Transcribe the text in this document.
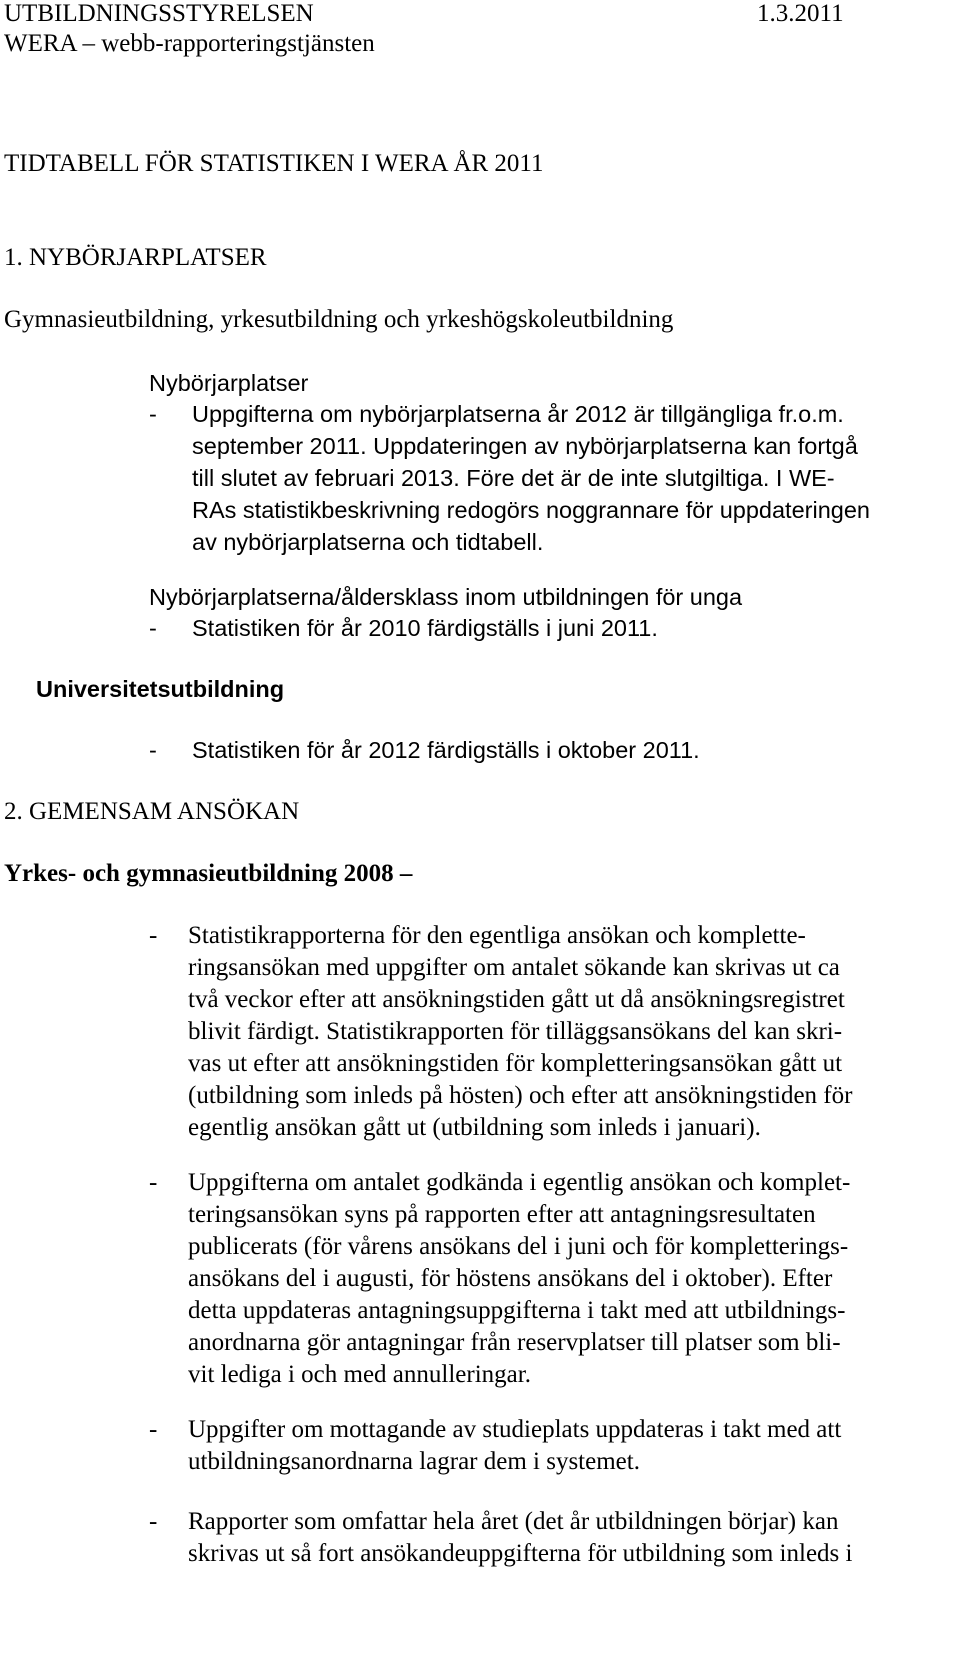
UTBILDNINGSSTYRELSEN	1.3.2011
WERA – webb-rapporteringstjänsten
TIDTABELL FÖR STATISTIKEN I WERA ÅR 2011
1. NYBÖRJARPLATSER
Gymnasieutbildning, yrkesutbildning och yrkeshögskoleutbildning
Nybörjarplatser
- Uppgifterna om nybörjarplatserna år 2012 är tillgängliga fr.o.m.
september 2011. Uppdateringen av nybörjarplatserna kan fortgå
till slutet av februari 2013. Före det är de inte slutgiltiga. I WE-
RAs statistikbeskrivning redogörs noggrannare för uppdateringen
av nybörjarplatserna och tidtabell.
Nybörjarplatserna/åldersklass inom utbildningen för unga
- Statistiken för år 2010 färdigställs i juni 2011.
Universitetsutbildning
- Statistiken för år 2012 färdigställs i oktober 2011.
2. GEMENSAM ANSÖKAN
Yrkes- och gymnasieutbildning 2008 –
- Statistikrapporterna för den egentliga ansökan och komplette-
ringsansökan med uppgifter om antalet sökande kan skrivas ut ca
två veckor efter att ansökningstiden gått ut då ansökningsregistret
blivit färdigt. Statistikrapporten för tilläggsansökans del kan skri-
vas ut efter att ansökningstiden för kompletteringsansökan gått ut
(utbildning som inleds på hösten) och efter att ansökningstiden för
egentlig ansökan gått ut (utbildning som inleds i januari).
- Uppgifterna om antalet godkända i egentlig ansökan och komplet-
teringsansökan syns på rapporten efter att antagningsresultaten
publicerats (för vårens ansökans del i juni och för kompletterings-
ansökans del i augusti, för höstens ansökans del i oktober). Efter
detta uppdateras antagningsuppgifterna i takt med att utbildnings-
anordnarna gör antagningar från reservplatser till platser som bli-
vit lediga i och med annulleringar.
- Uppgifter om mottagande av studieplats uppdateras i takt med att
utbildningsanordnarna lagrar dem i systemet.
- Rapporter som omfattar hela året (det år utbildningen börjar) kan
skrivas ut så fort ansökandeuppgifterna för utbildning som inleds i
